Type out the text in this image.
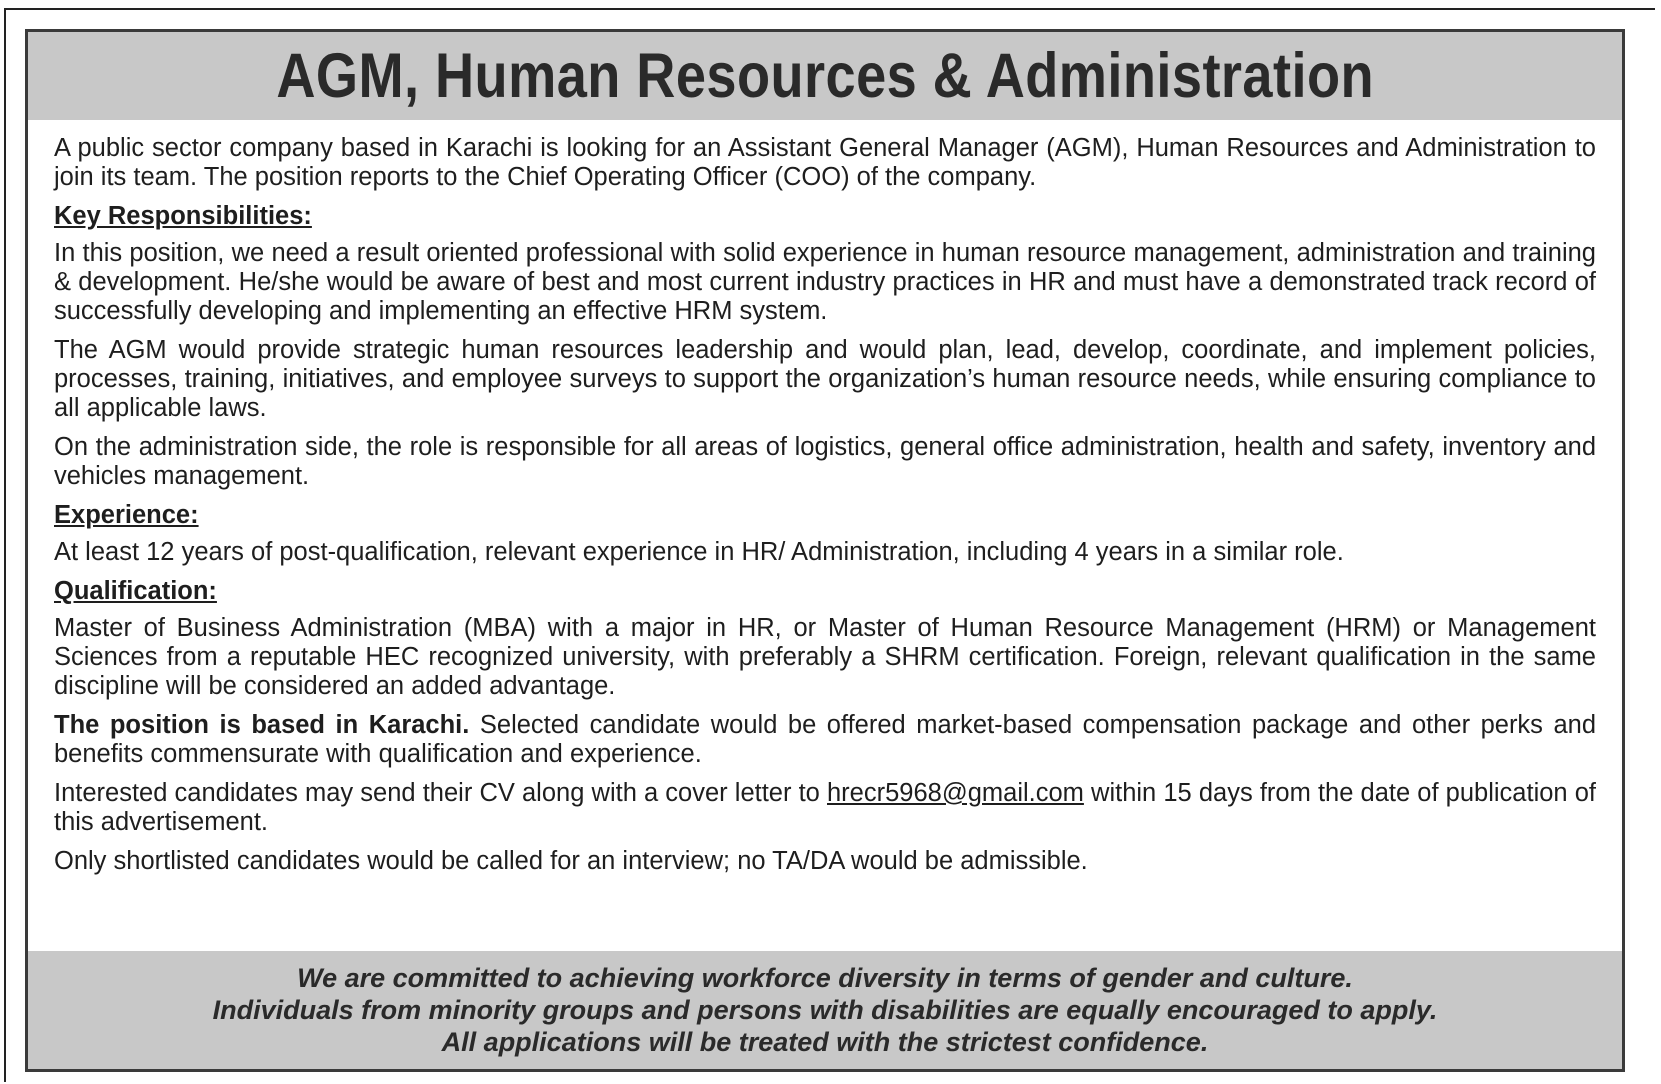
AGM, Human Resources & Administration

A public sector company based in Karachi is looking for an Assistant General Manager (AGM), Human Resources and Administration to join its team. The position reports to the Chief Operating Officer (COO) of the company.

Key Responsibilities:

In this position, we need a result oriented professional with solid experience in human resource management, administration and training & development. He/she would be aware of best and most current industry practices in HR and must have a demonstrated track record of successfully developing and implementing an effective HRM system.

The AGM would provide strategic human resources leadership and would plan, lead, develop, coordinate, and implement policies, processes, training, initiatives, and employee surveys to support the organization’s human resource needs, while ensuring compliance to all applicable laws.

On the administration side, the role is responsible for all areas of logistics, general office administration, health and safety, inventory and vehicles management.

Experience:

At least 12 years of post-qualification, relevant experience in HR/ Administration, including 4 years in a similar role.

Qualification:

Master of Business Administration (MBA) with a major in HR, or Master of Human Resource Management (HRM) or Management Sciences from a reputable HEC recognized university, with preferably a SHRM certification. Foreign, relevant qualification in the same discipline will be considered an added advantage.

The position is based in Karachi. Selected candidate would be offered market-based compensation package and other perks and benefits commensurate with qualification and experience.

Interested candidates may send their CV along with a cover letter to hrecr5968@gmail.com within 15 days from the date of publication of this advertisement.

Only shortlisted candidates would be called for an interview; no TA/DA would be admissible.

We are committed to achieving workforce diversity in terms of gender and culture.
Individuals from minority groups and persons with disabilities are equally encouraged to apply.
All applications will be treated with the strictest confidence.
